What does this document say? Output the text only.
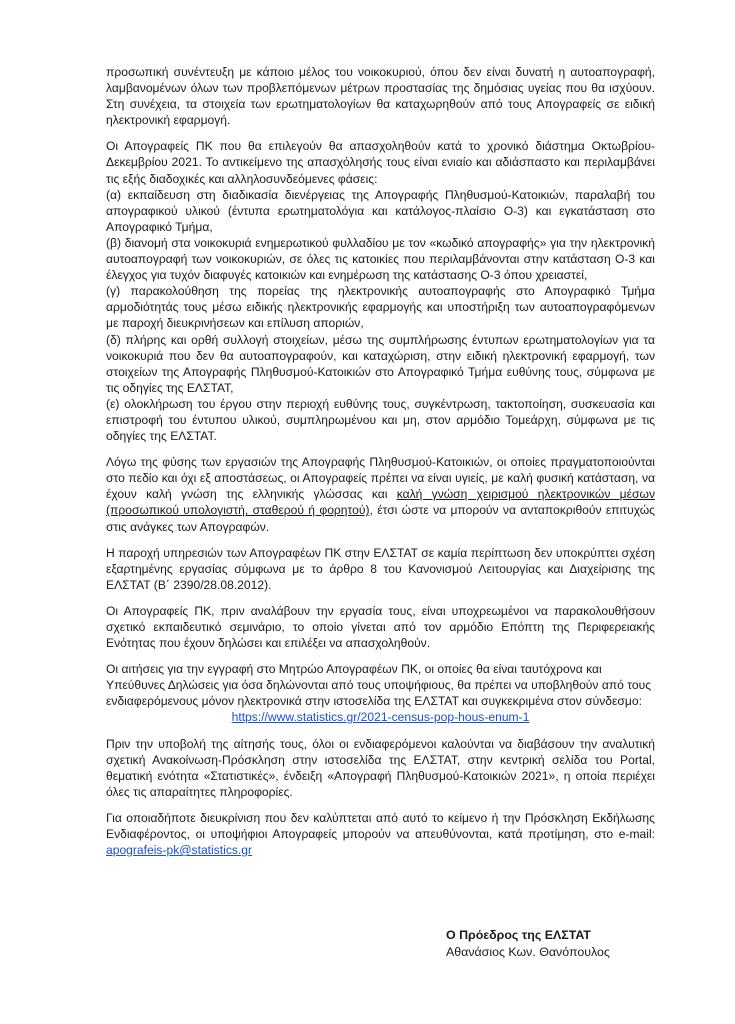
προσωπική συνέντευξη με κάποιο μέλος του νοικοκυριού, όπου δεν είναι δυνατή η αυτοαπογραφή, λαμβανομένων όλων των προβλεπόμενων μέτρων προστασίας της δημόσιας υγείας που θα ισχύουν. Στη συνέχεια, τα στοιχεία των ερωτηματολογίων θα καταχωρηθούν από τους Απογραφείς σε ειδική ηλεκτρονική εφαρμογή.

Οι Απογραφείς ΠΚ που θα επιλεγούν θα απασχοληθούν κατά το χρονικό διάστημα Οκτωβρίου-Δεκεμβρίου 2021. Το αντικείμενο της απασχόλησής τους είναι ενιαίο και αδιάσπαστο και περιλαμβάνει τις εξής διαδοχικές και αλληλοσυνδεόμενες φάσεις:

(α) εκπαίδευση στη διαδικασία διενέργειας της Απογραφής Πληθυσμού-Κατοικιών, παραλαβή του απογραφικού υλικού (έντυπα ερωτηματολόγια και κατάλογος-πλαίσιο Ο-3) και εγκατάσταση στο Απογραφικό Τμήμα,

(β) διανομή στα νοικοκυριά ενημερωτικού φυλλαδίου με τον «κωδικό απογραφής» για την ηλεκτρονική αυτοαπογραφή των νοικοκυριών, σε όλες τις κατοικίες που περιλαμβάνονται στην κατάσταση Ο-3 και έλεγχος για τυχόν διαφυγές κατοικιών και ενημέρωση της κατάστασης Ο-3 όπου χρειαστεί,

(γ) παρακολούθηση της πορείας της ηλεκτρονικής αυτοαπογραφής στο Απογραφικό Τμήμα αρμοδιότητάς τους μέσω ειδικής ηλεκτρονικής εφαρμογής και υποστήριξη των αυτοαπογραφόμενων με παροχή διευκρινήσεων και επίλυση αποριών,

(δ) πλήρης και ορθή συλλογή στοιχείων, μέσω της συμπλήρωσης έντυπων ερωτηματολογίων για τα νοικοκυριά που δεν θα αυτοαπογραφούν, και καταχώριση, στην ειδική ηλεκτρονική εφαρμογή, των στοιχείων της Απογραφής Πληθυσμού-Κατοικιών στο Απογραφικό Τμήμα ευθύνης τους, σύμφωνα με τις οδηγίες της ΕΛΣΤΑΤ,

(ε) ολοκλήρωση του έργου στην περιοχή ευθύνης τους, συγκέντρωση, τακτοποίηση, συσκευασία και επιστροφή του έντυπου υλικού, συμπληρωμένου και μη, στον αρμόδιο Τομεάρχη, σύμφωνα με τις οδηγίες της ΕΛΣΤΑΤ.

Λόγω της φύσης των εργασιών της Απογραφής Πληθυσμού-Κατοικιών, οι οποίες πραγματοποιούνται στο πεδίο και όχι εξ αποστάσεως, οι Απογραφείς πρέπει να είναι υγιείς, με καλή φυσική κατάσταση, να έχουν καλή γνώση της ελληνικής γλώσσας και καλή γνώση χειρισμού ηλεκτρονικών μέσων (προσωπικού υπολογιστή, σταθερού ή φορητού), έτσι ώστε να μπορούν να ανταποκριθούν επιτυχώς στις ανάγκες των Απογραφών.

Η παροχή υπηρεσιών των Απογραφέων ΠΚ στην ΕΛΣΤΑΤ σε καμία περίπτωση δεν υποκρύπτει σχέση εξαρτημένης εργασίας σύμφωνα με το άρθρο 8 του Κανονισμού Λειτουργίας και Διαχείρισης της ΕΛΣΤΑΤ (Β΄ 2390/28.08.2012).

Οι Απογραφείς ΠΚ, πριν αναλάβουν την εργασία τους, είναι υποχρεωμένοι να παρακολουθήσουν σχετικό εκπαιδευτικό σεμινάριο, το οποίο γίνεται από τον αρμόδιο Επόπτη της Περιφερειακής Ενότητας που έχουν δηλώσει και επιλέξει να απασχοληθούν.

Οι αιτήσεις για την εγγραφή στο Μητρώο Απογραφέων ΠΚ, οι οποίες θα είναι ταυτόχρονα και Υπεύθυνες Δηλώσεις για όσα δηλώνονται από τους υποψήφιους, θα πρέπει να υποβληθούν από τους ενδιαφερόμενους μόνον ηλεκτρονικά στην ιστοσελίδα της ΕΛΣΤΑΤ και συγκεκριμένα στον σύνδεσμο:

https://www.statistics.gr/2021-census-pop-hous-enum-1

Πριν την υποβολή της αίτησής τους, όλοι οι ενδιαφερόμενοι καλούνται να διαβάσουν την αναλυτική σχετική Ανακοίνωση-Πρόσκληση στην ιστοσελίδα της ΕΛΣΤΑΤ, στην κεντρική σελίδα του Portal, θεματική ενότητα «Στατιστικές», ένδειξη «Απογραφή Πληθυσμού-Κατοικιών 2021», η οποία περιέχει όλες τις απαραίτητες πληροφορίες.

Για οποιαδήποτε διευκρίνιση που δεν καλύπτεται από αυτό το κείμενο ή την Πρόσκληση Εκδήλωσης Ενδιαφέροντος, οι υποψήφιοι Απογραφείς μπορούν να απευθύνονται, κατά προτίμηση, στο e-mail: apografeis-pk@statistics.gr

Ο Πρόεδρος της ΕΛΣΤΑΤ
Αθανάσιος Κων. Θανόπουλος
